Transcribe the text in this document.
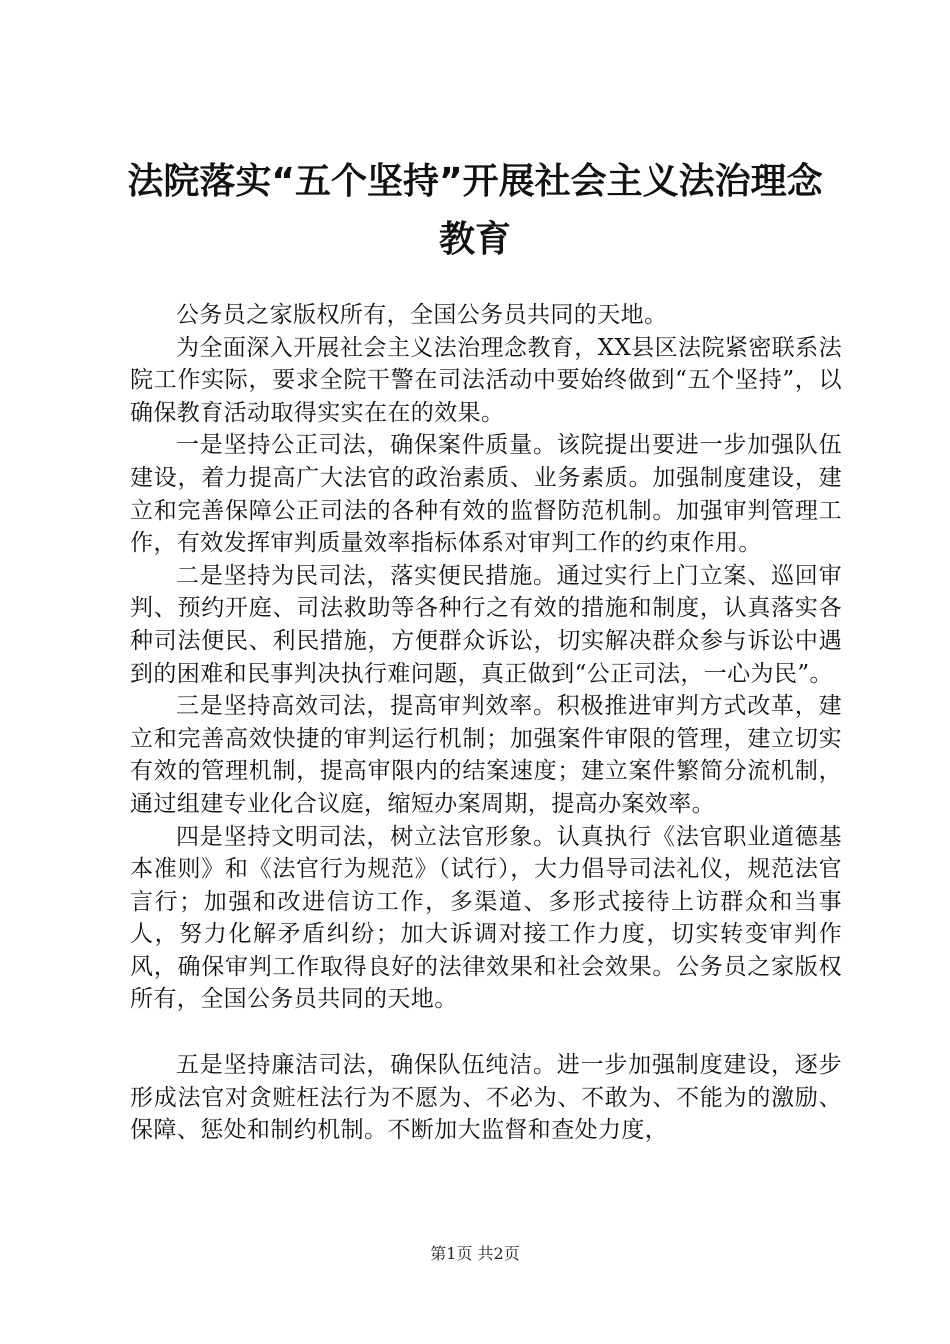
法院落实“五个坚持”开展社会主义法治理念
教育

公务员之家版权所有，全国公务员共同的天地。

为全面深入开展社会主义法治理念教育，XX县区法院紧密联系法院工作实际，要求全院干警在司法活动中要始终做到“五个坚持”，以确保教育活动取得实实在在的效果。

一是坚持公正司法，确保案件质量。该院提出要进一步加强队伍建设，着力提高广大法官的政治素质、业务素质。加强制度建设，建立和完善保障公正司法的各种有效的监督防范机制。加强审判管理工作，有效发挥审判质量效率指标体系对审判工作的约束作用。

二是坚持为民司法，落实便民措施。通过实行上门立案、巡回审判、预约开庭、司法救助等各种行之有效的措施和制度，认真落实各种司法便民、利民措施，方便群众诉讼，切实解决群众参与诉讼中遇到的困难和民事判决执行难问题，真正做到“公正司法，一心为民”。

三是坚持高效司法，提高审判效率。积极推进审判方式改革，建立和完善高效快捷的审判运行机制；加强案件审限的管理，建立切实有效的管理机制，提高审限内的结案速度；建立案件繁简分流机制，通过组建专业化合议庭，缩短办案周期，提高办案效率。

四是坚持文明司法，树立法官形象。认真执行《法官职业道德基本准则》和《法官行为规范》（试行），大力倡导司法礼仪，规范法官言行；加强和改进信访工作，多渠道、多形式接待上访群众和当事人，努力化解矛盾纠纷；加大诉调对接工作力度，切实转变审判作风，确保审判工作取得良好的法律效果和社会效果。公务员之家版权所有，全国公务员共同的天地。

五是坚持廉洁司法，确保队伍纯洁。进一步加强制度建设，逐步形成法官对贪赃枉法行为不愿为、不必为、不敢为、不能为的激励、保障、惩处和制约机制。不断加大监督和查处力度，

第1页 共2页
